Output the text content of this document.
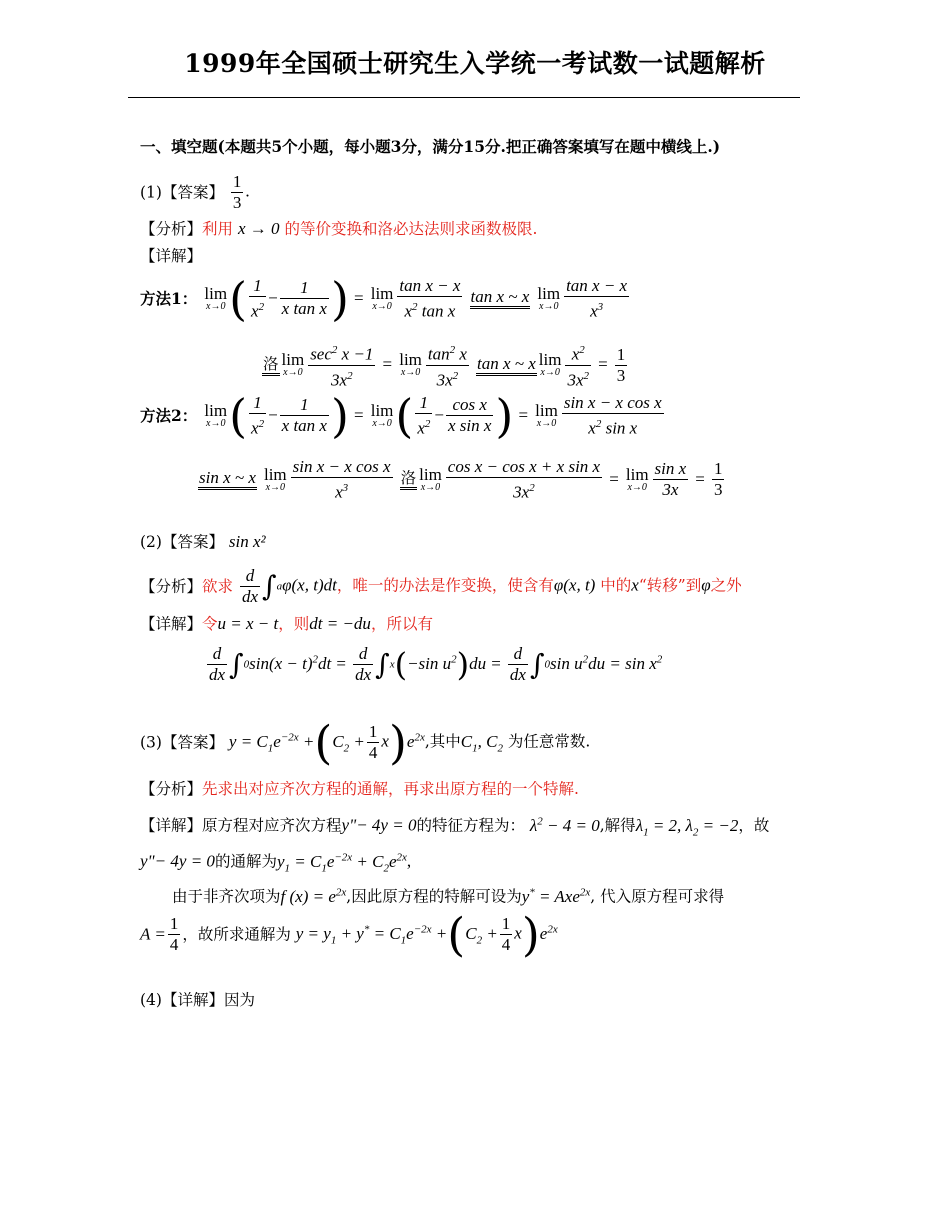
1999年全国硕士研究生入学统一考试数一试题解析
一、填空题(本题共5个小题，每小题3分，满分15分.把正确答案填写在题中横线上.)
(1)【答案】 $\frac{1}{3}$ .
【分析】利用 x → 0 的等价变换和洛必达法则求函数极限.
【详解】
方法1： lim
x→0 ( $\frac{1}{x^2} - \frac{1}{\text{x tan x}}$ ) = lim
$x\to 0 \frac{\text{tan x − x}}{x^2 \tan x}$ tan x ~ x lim
$x\to 0 \frac{\text{tan x − x}}{x^3}$
洛 lim
$x\to 0 \frac{\sec^2 x -1}{3x^2} = \lim$
$x\to 0 \frac{\tan^2 x}{3x^2}$ tan x ~ x lim
$x\to 0 \frac{x^2}{3x^2} = \frac{1}{3}$
方法2： lim
x→0 ( $\frac{1}{x^2} - \frac{1}{\text{x tan x}}$ ) = lim
x→0 ( $\frac{1}{x^2} - \frac{\text{cos x}}{\text{x sin x}}$ ) = lim
$x\to 0 \frac{\text{sin x − x cos x}}{x^2 \sin x}$
sin x ~ x lim
$x\to 0 \frac{\text{sin x − x cos x}}{x^3}$ 洛 lim
$x\to 0 \frac{\text{cos x − cos x + x sin x}}{3x^2} = \lim$
$x\to 0 \frac{\text{sin x}}{3x} = \frac{1}{3}$
(2)【答案】 sin x²
【分析】欲求 $\frac{d}{dx} \int a\varphi(x$, t)dt，唯一的办法是作变换，使含有φ(x, t) 中的x“转移”到φ之外
【详解】令u = x − t，则dt = −du，所以有
$\frac{d}{dx} \int 0\sin(x - t)^2dt = \frac{d}{dx} \int x(-\sin$ $u^2)du = \frac{d}{dx} \int 0\sin$ $u^2du = \sin x^2$
(3)【答案】 $y = C_1e^{-2x} +(C_2 + \frac{1}{4} x)e^{2x}$,其中$C_1$, $C_2$ 为任意常数.
【分析】先求出对应齐次方程的通解，再求出原方程的一个特解.
【详解】原方程对应齐次方程y"− 4y = 0的特征方程为： $\lambda^2 - 4 = 0$,解得$\lambda_1 = 2$, $\lambda_2 = -2$，故
y"− 4y = 0的通解为$y_1 = C_1e^{-2x} + C_2e^{2x}$,
由于非齐次项为f $(x) = e^{2x}$,因此原方程的特解可设为y* = Axe$^{2x}$, 代入原方程可求得
$A = \frac{1}{4}$ ，故所求通解为 $y = y_1 + y^* = C_1e^{-2x} +(C_2 + \frac{1}{4} x)e^{2x}$
(4)【详解】因为
